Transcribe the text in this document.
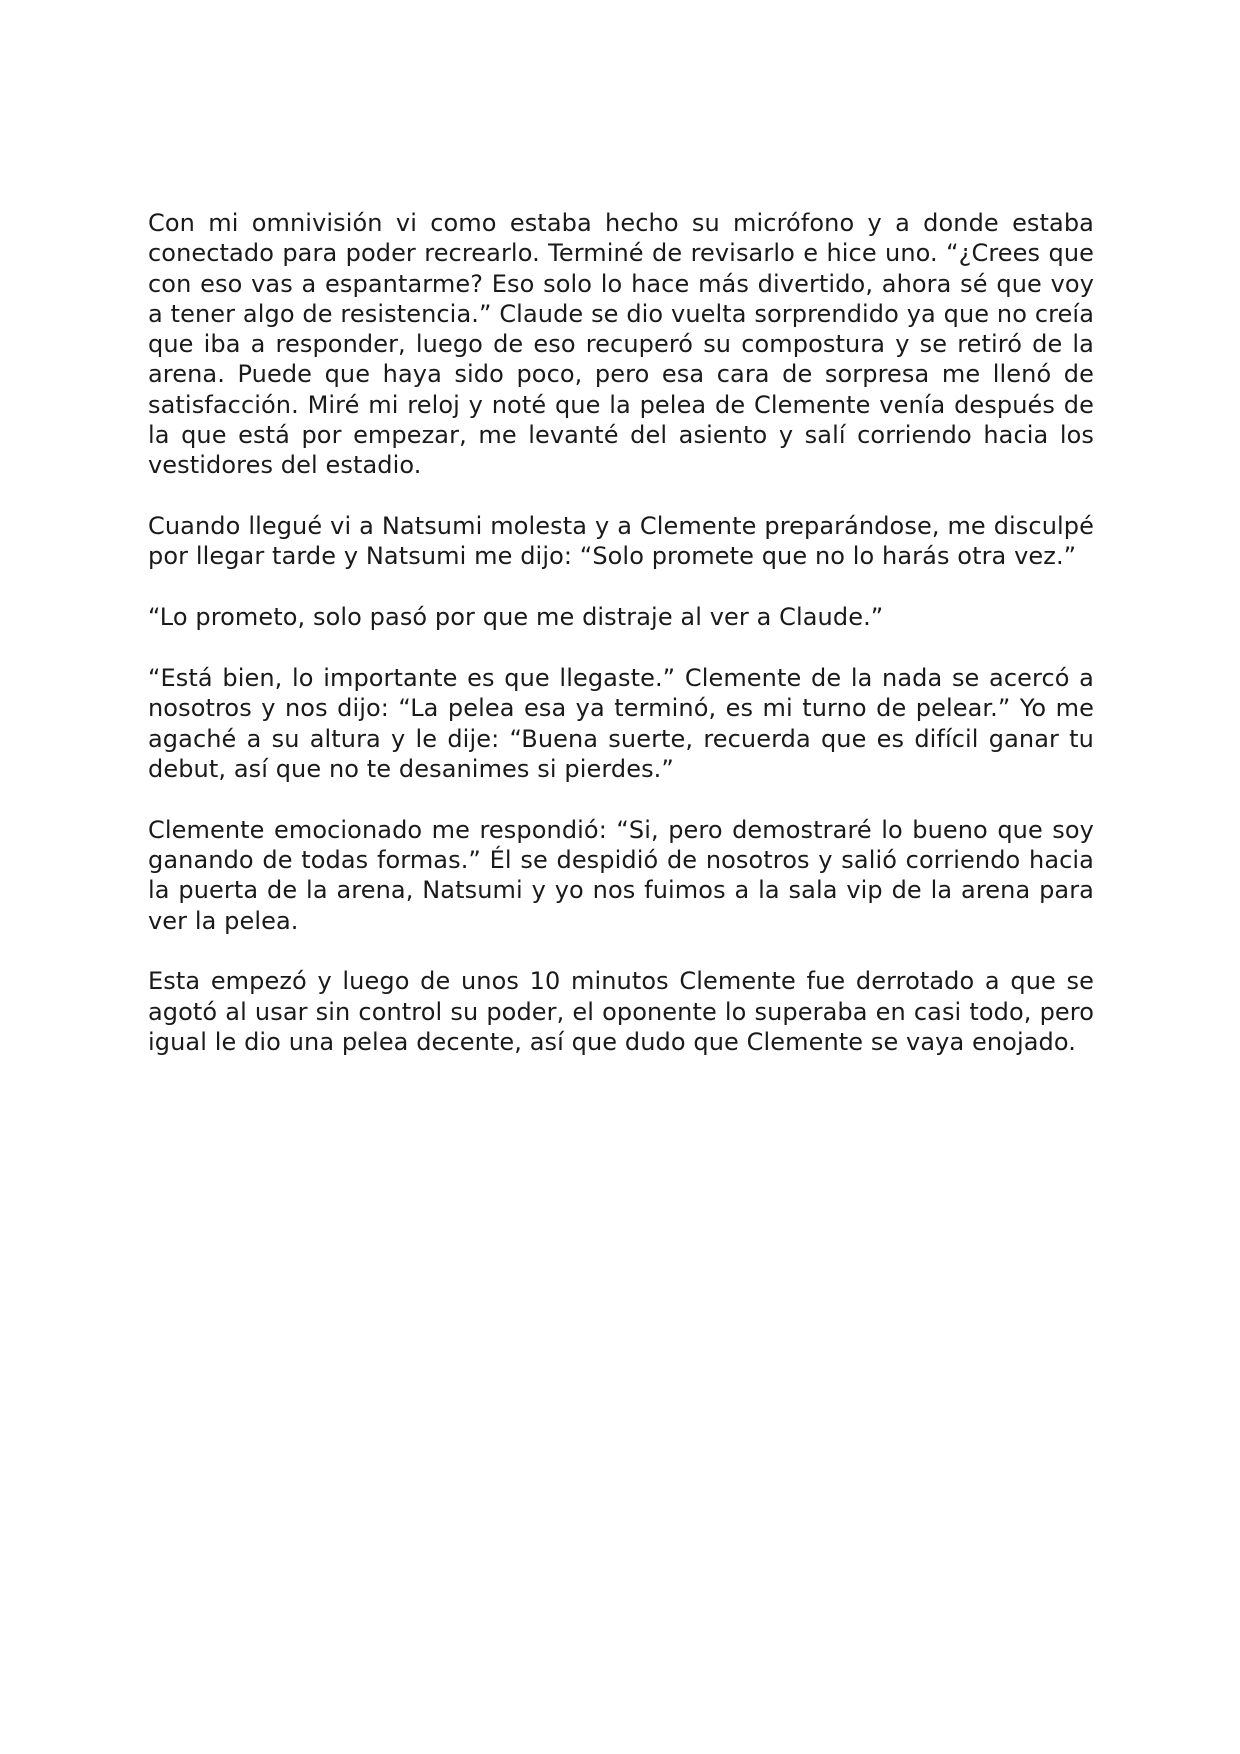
Con mi omnivisión vi como estaba hecho su micrófono y a donde estaba conectado para poder recrearlo. Terminé de revisarlo e hice uno. “¿Crees que con eso vas a espantarme? Eso solo lo hace más divertido, ahora sé que voy a tener algo de resistencia.” Claude se dio vuelta sorprendido ya que no creía que iba a responder, luego de eso recuperó su compostura y se retiró de la arena. Puede que haya sido poco, pero esa cara de sorpresa me llenó de satisfacción. Miré mi reloj y noté que la pelea de Clemente venía después de la que está por empezar, me levanté del asiento y salí corriendo hacia los vestidores del estadio.

Cuando llegué vi a Natsumi molesta y a Clemente preparándose, me disculpé por llegar tarde y Natsumi me dijo: “Solo promete que no lo harás otra vez.”

“Lo prometo, solo pasó por que me distraje al ver a Claude.”

“Está bien, lo importante es que llegaste.” Clemente de la nada se acercó a nosotros y nos dijo: “La pelea esa ya terminó, es mi turno de pelear.” Yo me agaché a su altura y le dije: “Buena suerte, recuerda que es difícil ganar tu debut, así que no te desanimes si pierdes.”

Clemente emocionado me respondió: “Si, pero demostraré lo bueno que soy ganando de todas formas.” Él se despidió de nosotros y salió corriendo hacia la puerta de la arena, Natsumi y yo nos fuimos a la sala vip de la arena para ver la pelea.

Esta empezó y luego de unos 10 minutos Clemente fue derrotado a que se agotó al usar sin control su poder, el oponente lo superaba en casi todo, pero igual le dio una pelea decente, así que dudo que Clemente se vaya enojado.
